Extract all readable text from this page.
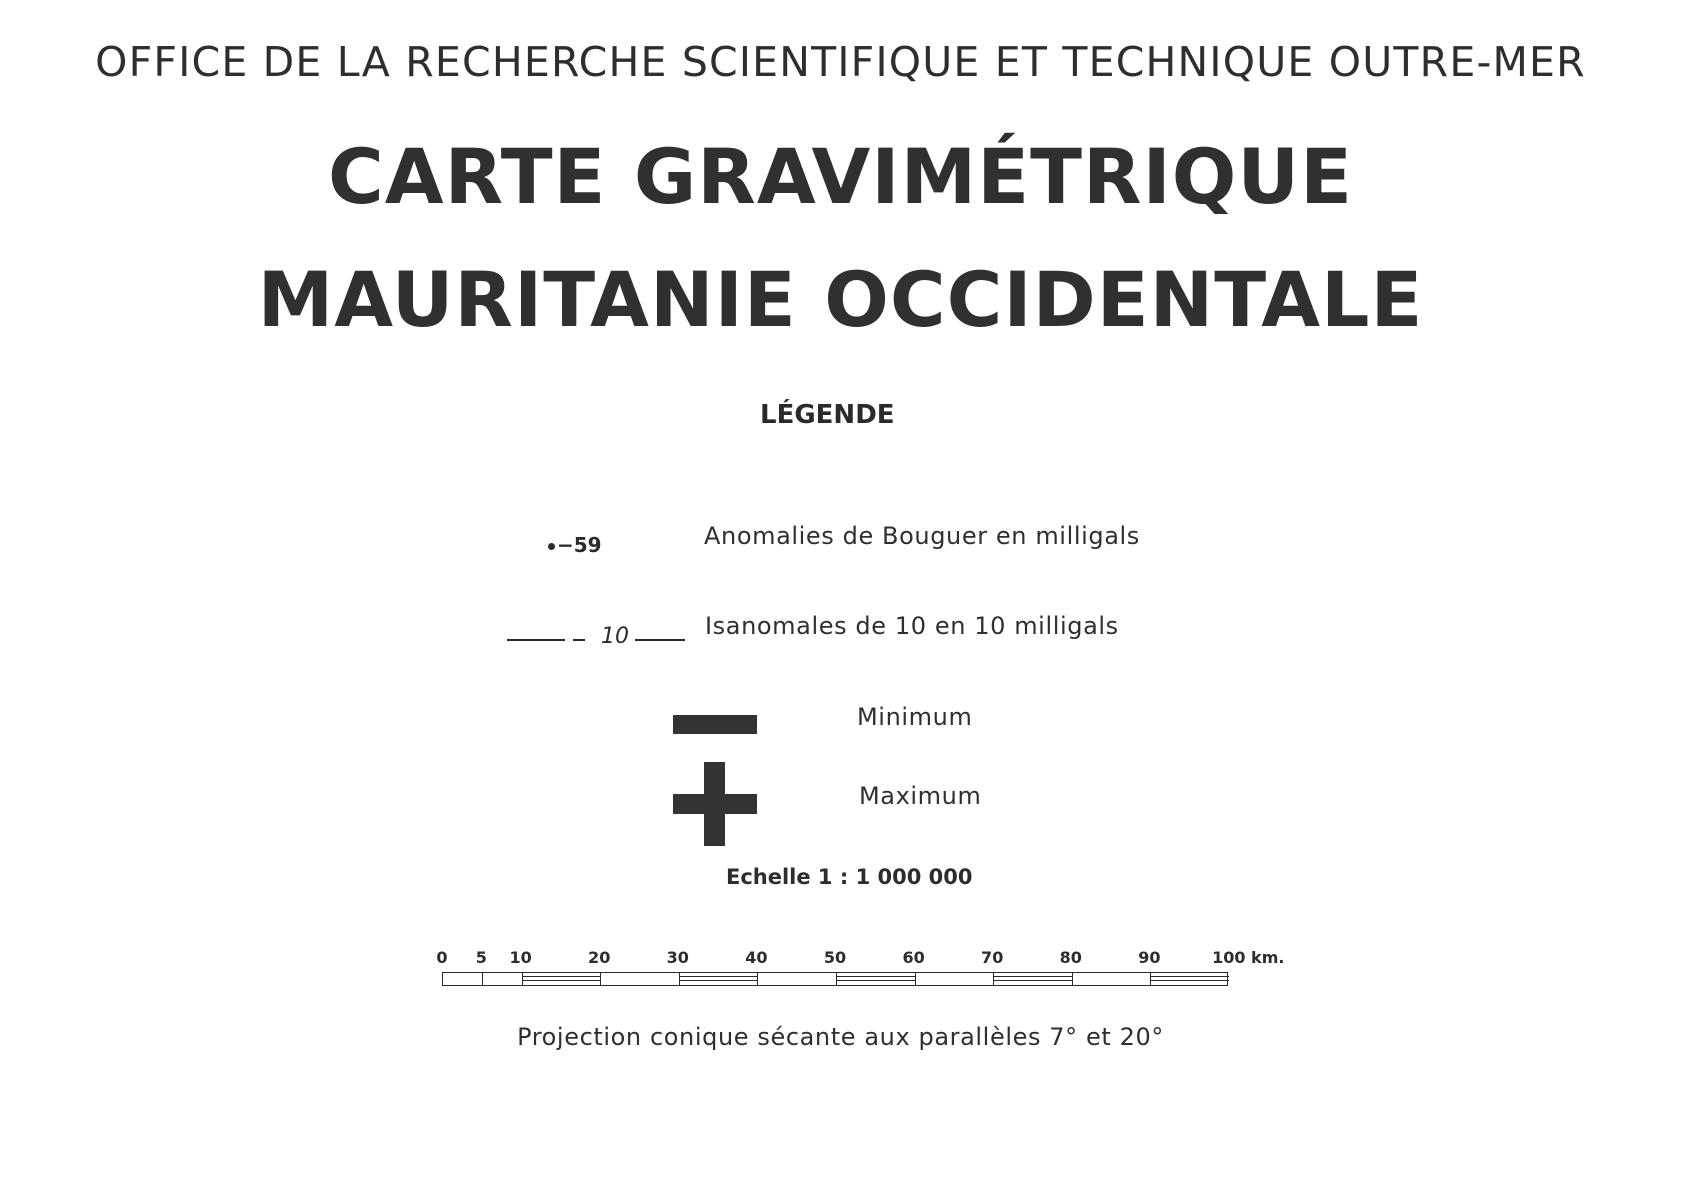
OFFICE DE LA RECHERCHE SCIENTIFIQUE ET TECHNIQUE OUTRE-MER
CARTE GRAVIMÉTRIQUE
MAURITANIE OCCIDENTALE
LÉGENDE
−59	Anomalies de Bouguer en milligals
10	Isanomales de 10 en 10 milligals
Minimum
Maximum
Echelle 1 : 1 000 000
0 5 10	20	30	40	50	60	70	80	90	100 km.
Projection conique sécante aux parallèles 7° et 20°
